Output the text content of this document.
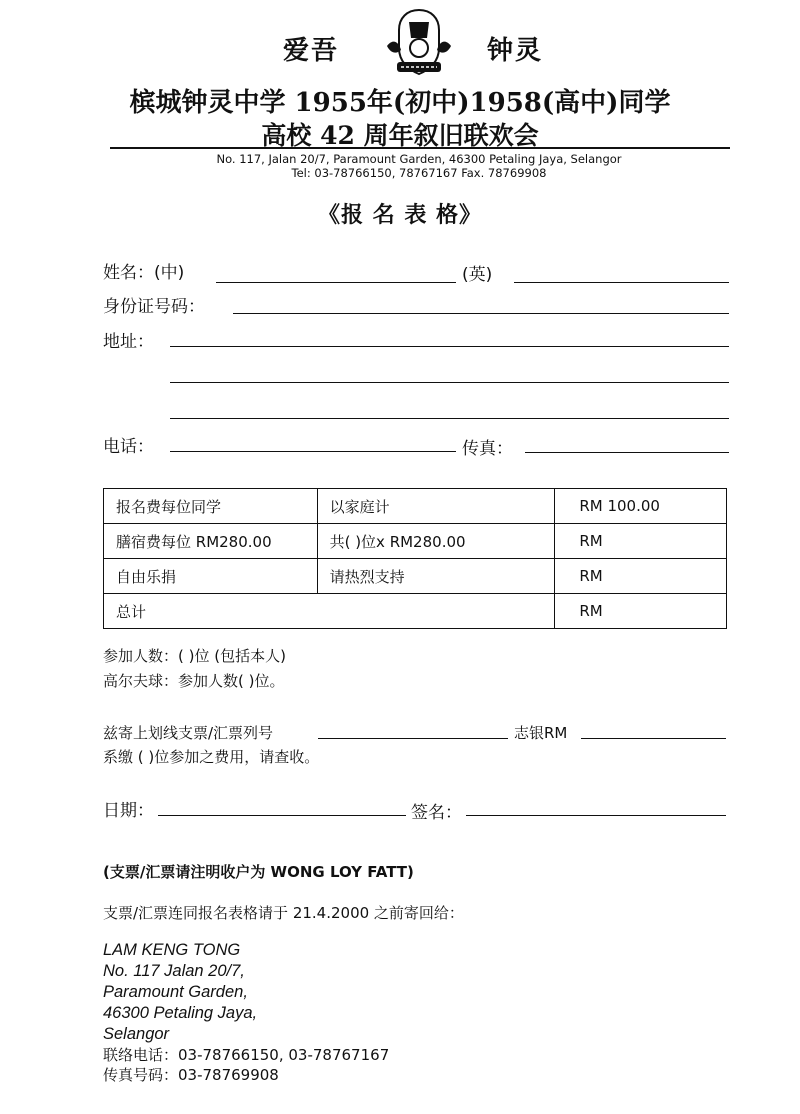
爱吾	钟灵
槟城钟灵中学 1955年(初中)1958(高中)同学
高校 42 周年叙旧联欢会
No. 117, Jalan 20/7, Paramount Garden, 46300 Petaling Jaya, Selangor
Tel: 03-78766150, 78767167 Fax. 78769908
《报 名 表 格》
姓名：(中)	(英)
身份证号码：
地址：
电话：	传真：
报名费每位同学	以家庭计	RM 100.00
膳宿费每位 RM280.00	共( )位x RM280.00	RM
自由乐捐	请热烈支持	RM
总计		RM
参加人数：( )位 (包括本人)
高尔夫球：参加人数( )位。
兹寄上划线支票/汇票列号	志银RM
系缴 ( )位参加之费用，请查收。
日期：	签名：
(支票/汇票请注明收户为 WONG LOY FATT)
支票/汇票连同报名表格请于 21.4.2000 之前寄回给：
LAM KENG TONG
No. 117 Jalan 20/7,
Paramount Garden,
46300 Petaling Jaya,
Selangor
联络电话：03-78766150, 03-78767167
传真号码：03-78769908
